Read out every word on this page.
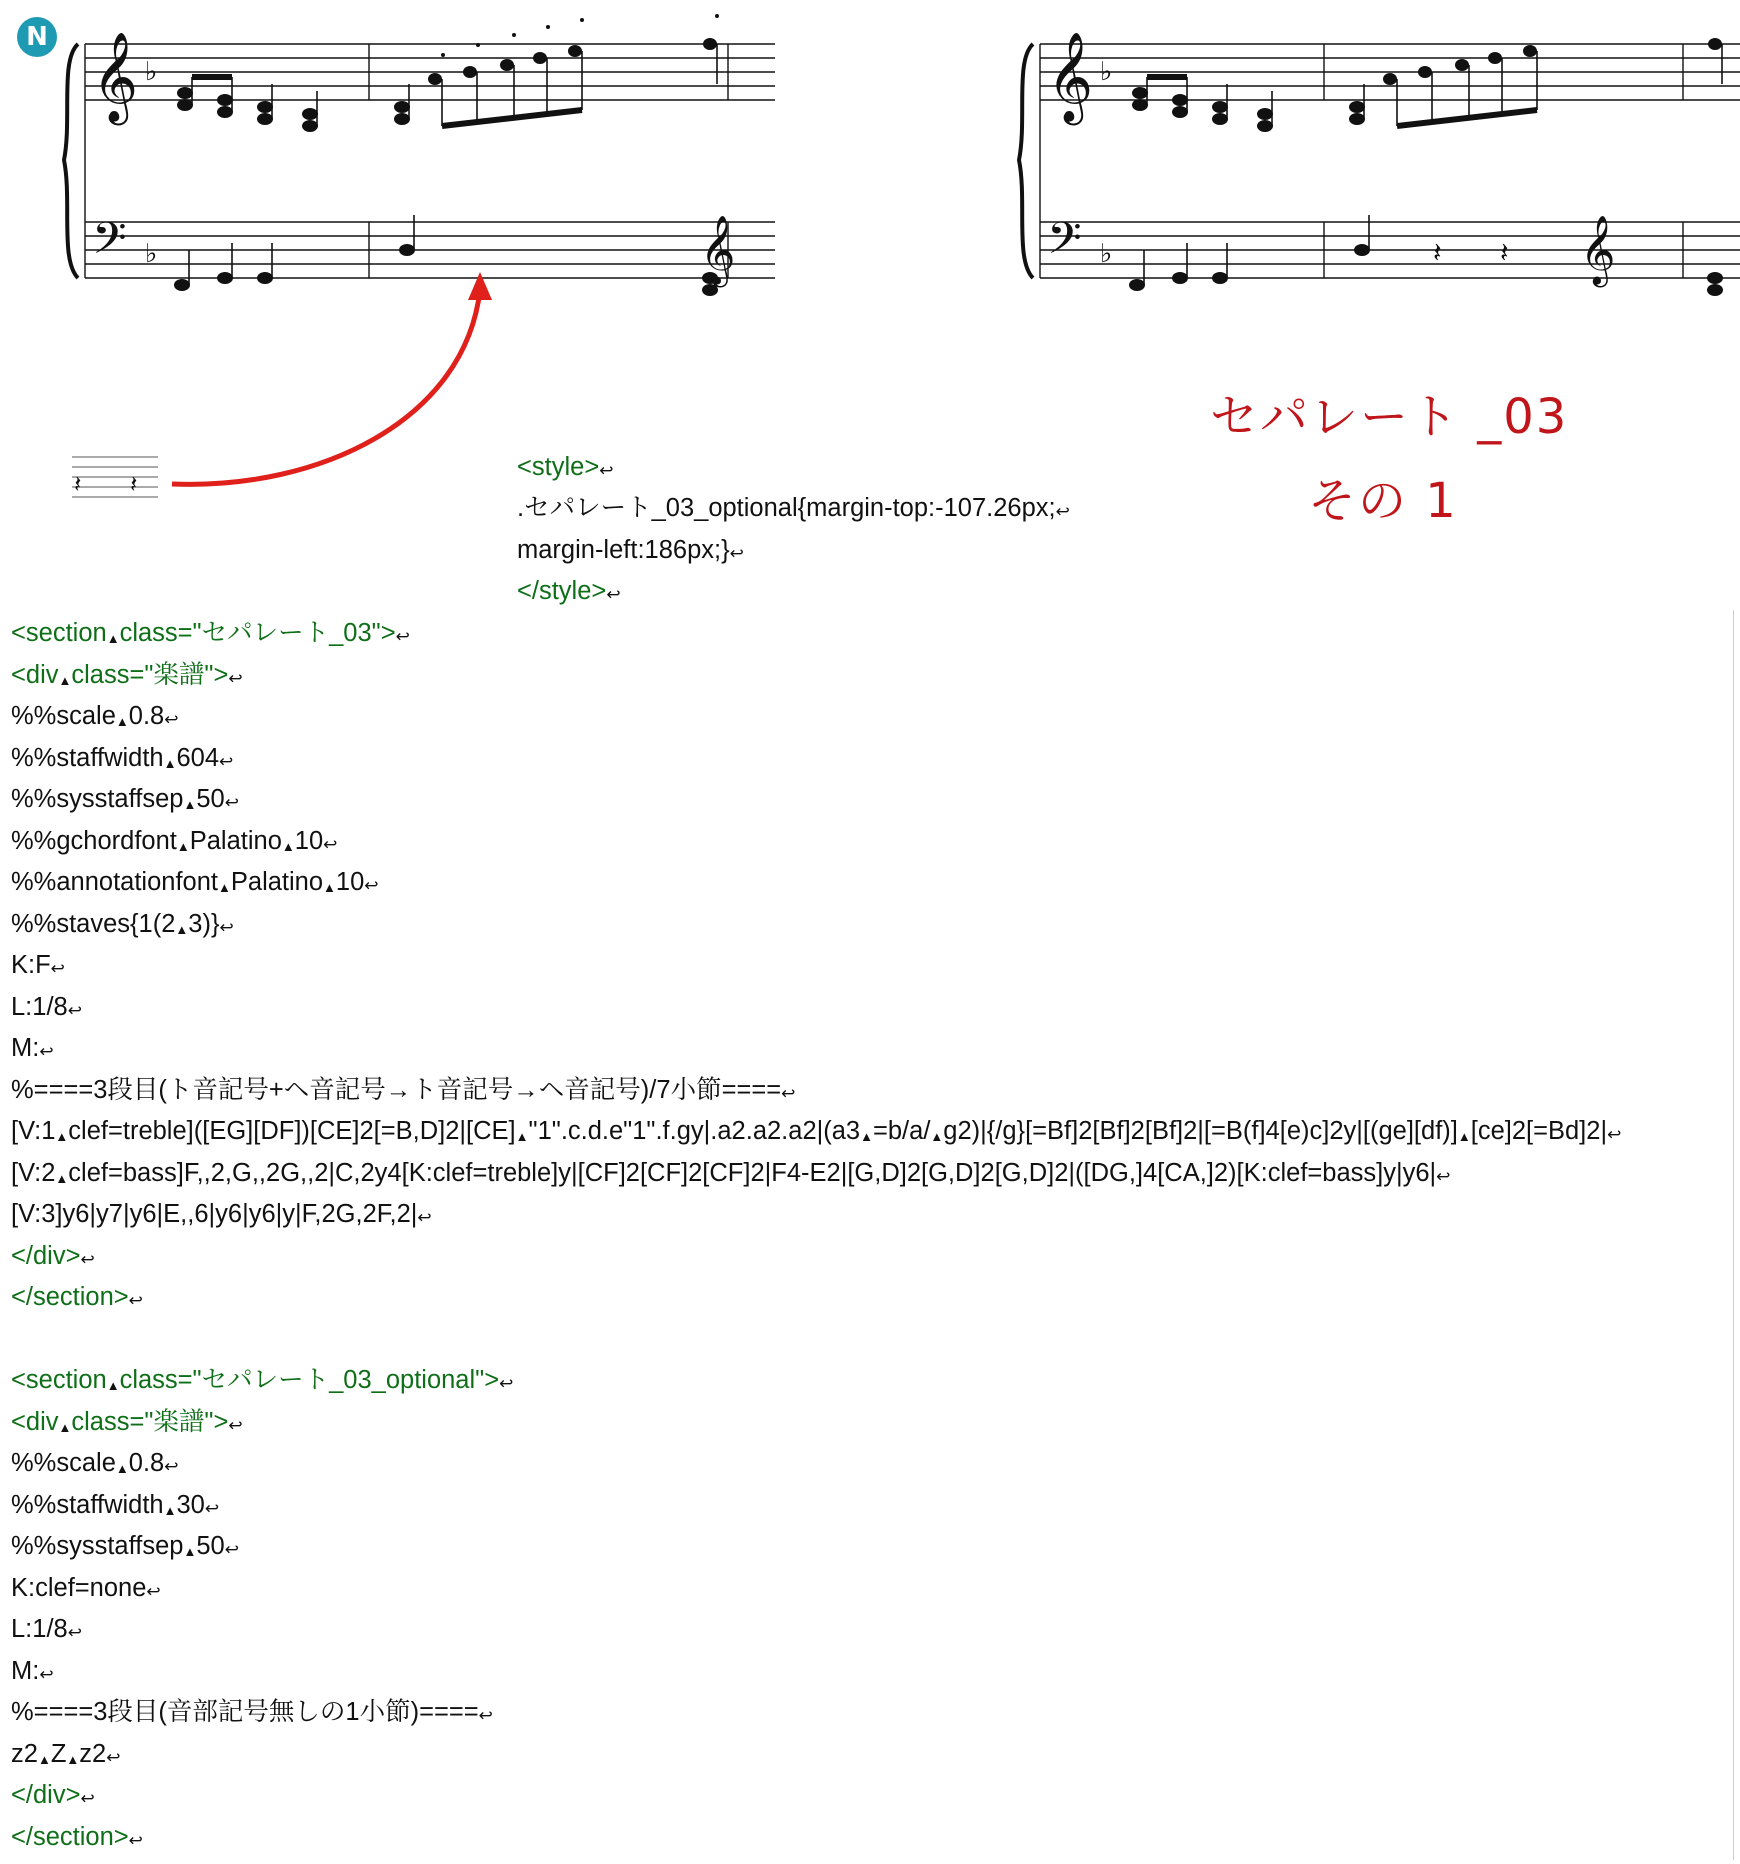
N 𝄞
𝄢
♭
♭	𝄞
𝄞
𝄢
♭
♭	𝄽 𝄽 𝄞
𝄽 𝄽
セパレート _03
その 1
<style>↩
.セパレート_03_optional{margin-top:-107.26px;↩
margin-left:186px;}↩
</style>↩
<section▲class="セパレート_03">↩
<div▲class="楽譜">↩
%%scale▲0.8↩
%%staffwidth▲604↩
%%sysstaffsep▲50↩
%%gchordfont▲Palatino▲10↩
%%annotationfont▲Palatino▲10↩
%%staves{1(2▲3)}↩
K:F↩
L:1/8↩
M:↩
%====3段目(ト音記号+ヘ音記号→ト音記号→ヘ音記号)/7小節====↩
[V:1▲clef=treble]([EG][DF])[CE]2[=B,D]2|[CE]▲"1".c.d.e"1".f.gy|.a2.a2.a2|(a3▲=b/a/▲g2)|{/g}[=Bf]2[Bf]2[Bf]2|[=B(f]4[e)c]2y|[(ge][df)]▲[ce]2[=Bd]2|↩
[V:2▲clef=bass]F,,2,G,,2G,,2|C,2y4[K:clef=treble]y|[CF]2[CF]2[CF]2|F4-E2|[G,D]2[G,D]2[G,D]2|([DG,]4[CA,]2)[K:clef=bass]y|y6|↩
[V:3]y6|y7|y6|E,,6|y6|y6|y|F,2G,2F,2|↩
</div>↩
</section>↩
<section▲class="セパレート_03_optional">↩
<div▲class="楽譜">↩
%%scale▲0.8↩
%%staffwidth▲30↩
%%sysstaffsep▲50↩
K:clef=none↩
L:1/8↩
M:↩
%====3段目(音部記号無しの1小節)====↩
z2▲Z▲z2↩
</div>↩
</section>↩
